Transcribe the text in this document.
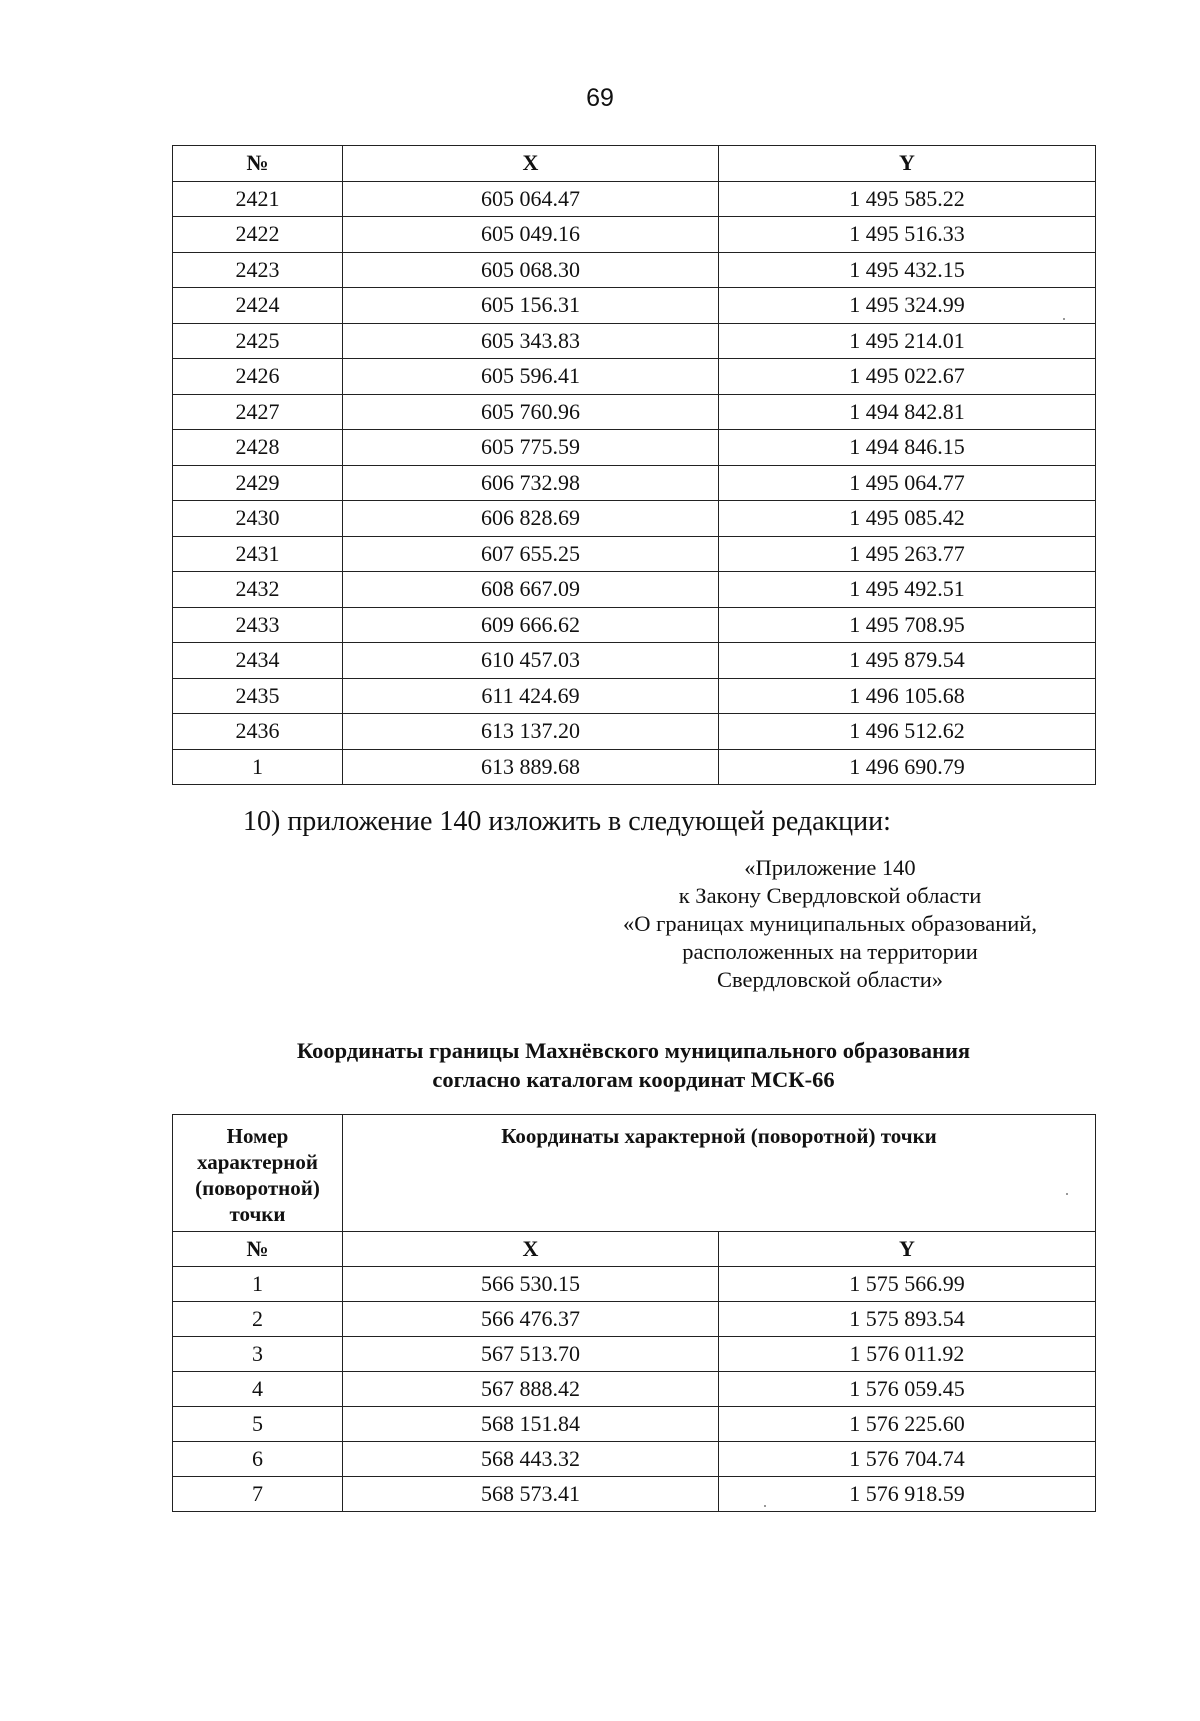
69
№	X	Y
2421	605 064.47	1 495 585.22
2422	605 049.16	1 495 516.33
2423	605 068.30	1 495 432.15
2424	605 156.31	1 495 324.99
2425	605 343.83	1 495 214.01
2426	605 596.41	1 495 022.67
2427	605 760.96	1 494 842.81
2428	605 775.59	1 494 846.15
2429	606 732.98	1 495 064.77
2430	606 828.69	1 495 085.42
2431	607 655.25	1 495 263.77
2432	608 667.09	1 495 492.51
2433	609 666.62	1 495 708.95
2434	610 457.03	1 495 879.54
2435	611 424.69	1 496 105.68
2436	613 137.20	1 496 512.62
1	613 889.68	1 496 690.79
10) приложение 140 изложить в следующей редакции:
«Приложение 140
к Закону Свердловской области
«О границах муниципальных образований,
расположенных на территории
Свердловской области»
Координаты границы Махнёвского муниципального образования
согласно каталогам координат МСК-66
Номер
характерной
(поворотной)
точки	Координаты характерной (поворотной) точки	
№	X	Y
1	566 530.15	1 575 566.99
2	566 476.37	1 575 893.54
3	567 513.70	1 576 011.92
4	567 888.42	1 576 059.45
5	568 151.84	1 576 225.60
6	568 443.32	1 576 704.74
7	568 573.41	1 576 918.59
